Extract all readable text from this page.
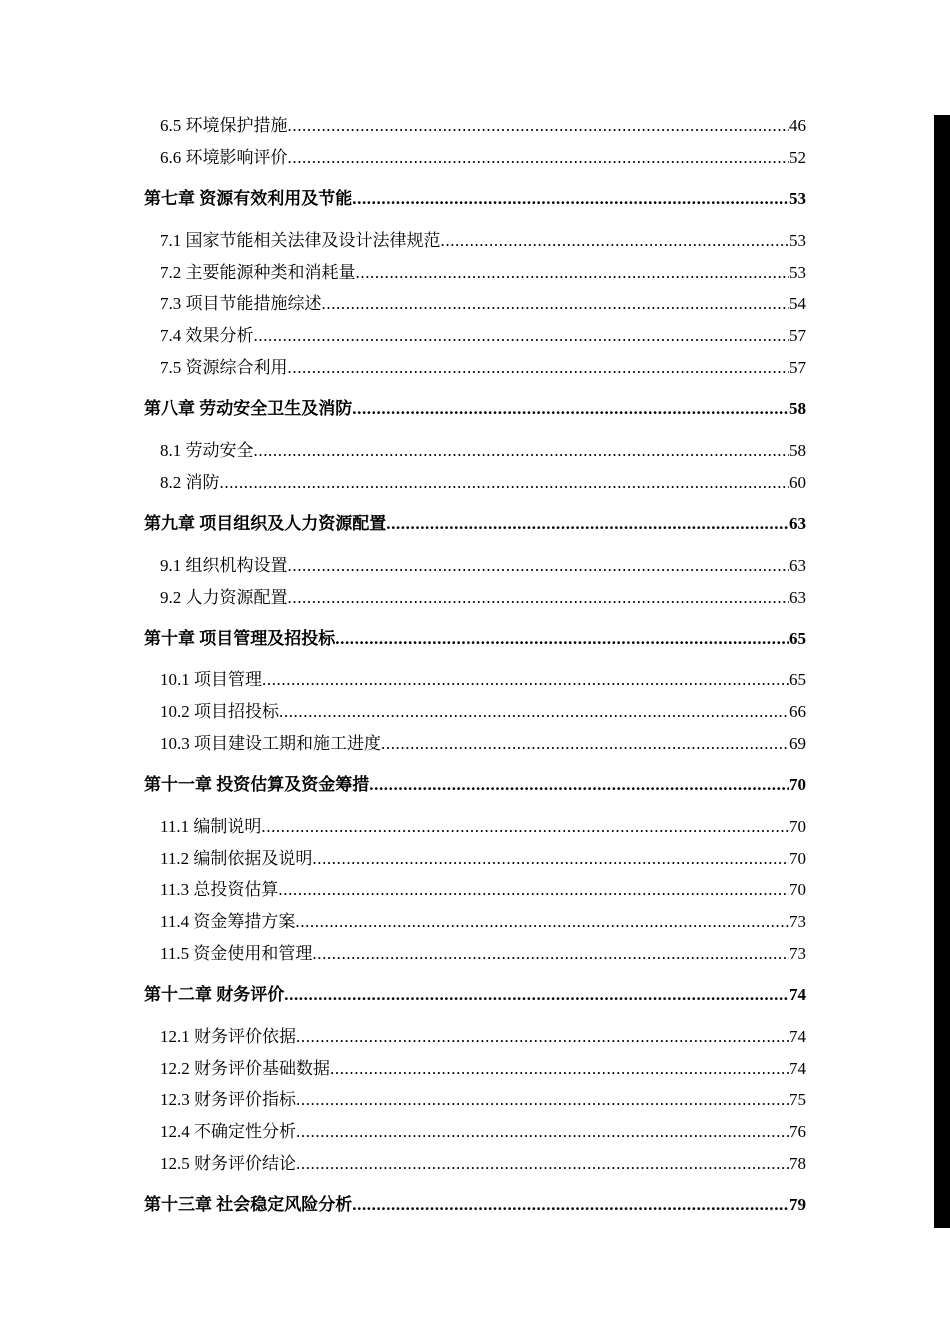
6.5 环境保护措施 .....	46
6.6 环境影响评价 .....	52
第七章 资源有效利用及节能 .....	53
7.1 国家节能相关法律及设计法律规范 .....	53
7.2 主要能源种类和消耗量 .....	53
7.3 项目节能措施综述 .....	54
7.4 效果分析 .....	57
7.5 资源综合利用 .....	57
第八章 劳动安全卫生及消防 .....	58
8.1 劳动安全 .....	58
8.2 消防 .....	60
第九章 项目组织及人力资源配置 .....	63
9.1 组织机构设置 .....	63
9.2 人力资源配置 .....	63
第十章 项目管理及招投标 .....	65
10.1 项目管理 .....	65
10.2 项目招投标 .....	66
10.3 项目建设工期和施工进度 .....	69
第十一章 投资估算及资金筹措 .....	70
11.1 编制说明 .....	70
11.2 编制依据及说明 .....	70
11.3 总投资估算 .....	70
11.4 资金筹措方案 .....	73
11.5 资金使用和管理 .....	73
第十二章 财务评价 .....	74
12.1 财务评价依据 .....	74
12.2 财务评价基础数据 .....	74
12.3 财务评价指标 .....	75
12.4 不确定性分析 .....	76
12.5 财务评价结论 .....	78
第十三章 社会稳定风险分析 .....	79
